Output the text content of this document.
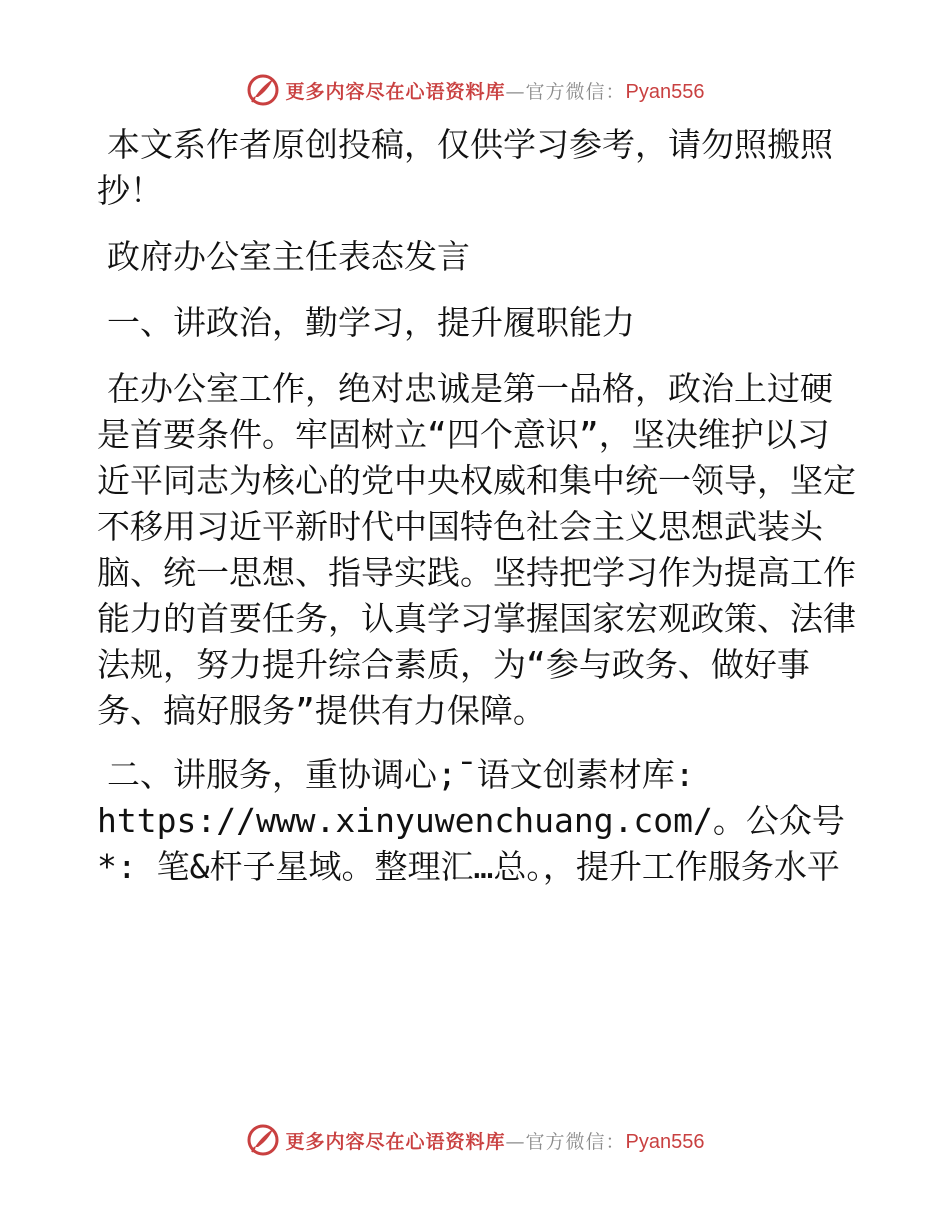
更多内容尽在心语资料库—官方微信：Pyan556

本文系作者原创投稿，仅供学习参考，请勿照搬照抄！

政府办公室主任表态发言

一、讲政治，勤学习，提升履职能力

在办公室工作，绝对忠诚是第一品格，政治上过硬是首要条件。牢固树立“四个意识”，坚决维护以习近平同志为核心的党中央权威和集中统一领导，坚定不移用习近平新时代中国特色社会主义思想武装头脑、统一思想、指导实践。坚持把学习作为提高工作能力的首要任务，认真学习掌握国家宏观政策、法律法规，努力提升综合素质，为“参与政务、做好事务、搞好服务”提供有力保障。

二、讲服务，重协调心;¯语文创素材库: https://www.xinyuwenchuang.com/。公众号*: 笔&杆子星域。整理汇…总。，提升工作服务水平

更多内容尽在心语资料库—官方微信：Pyan556
